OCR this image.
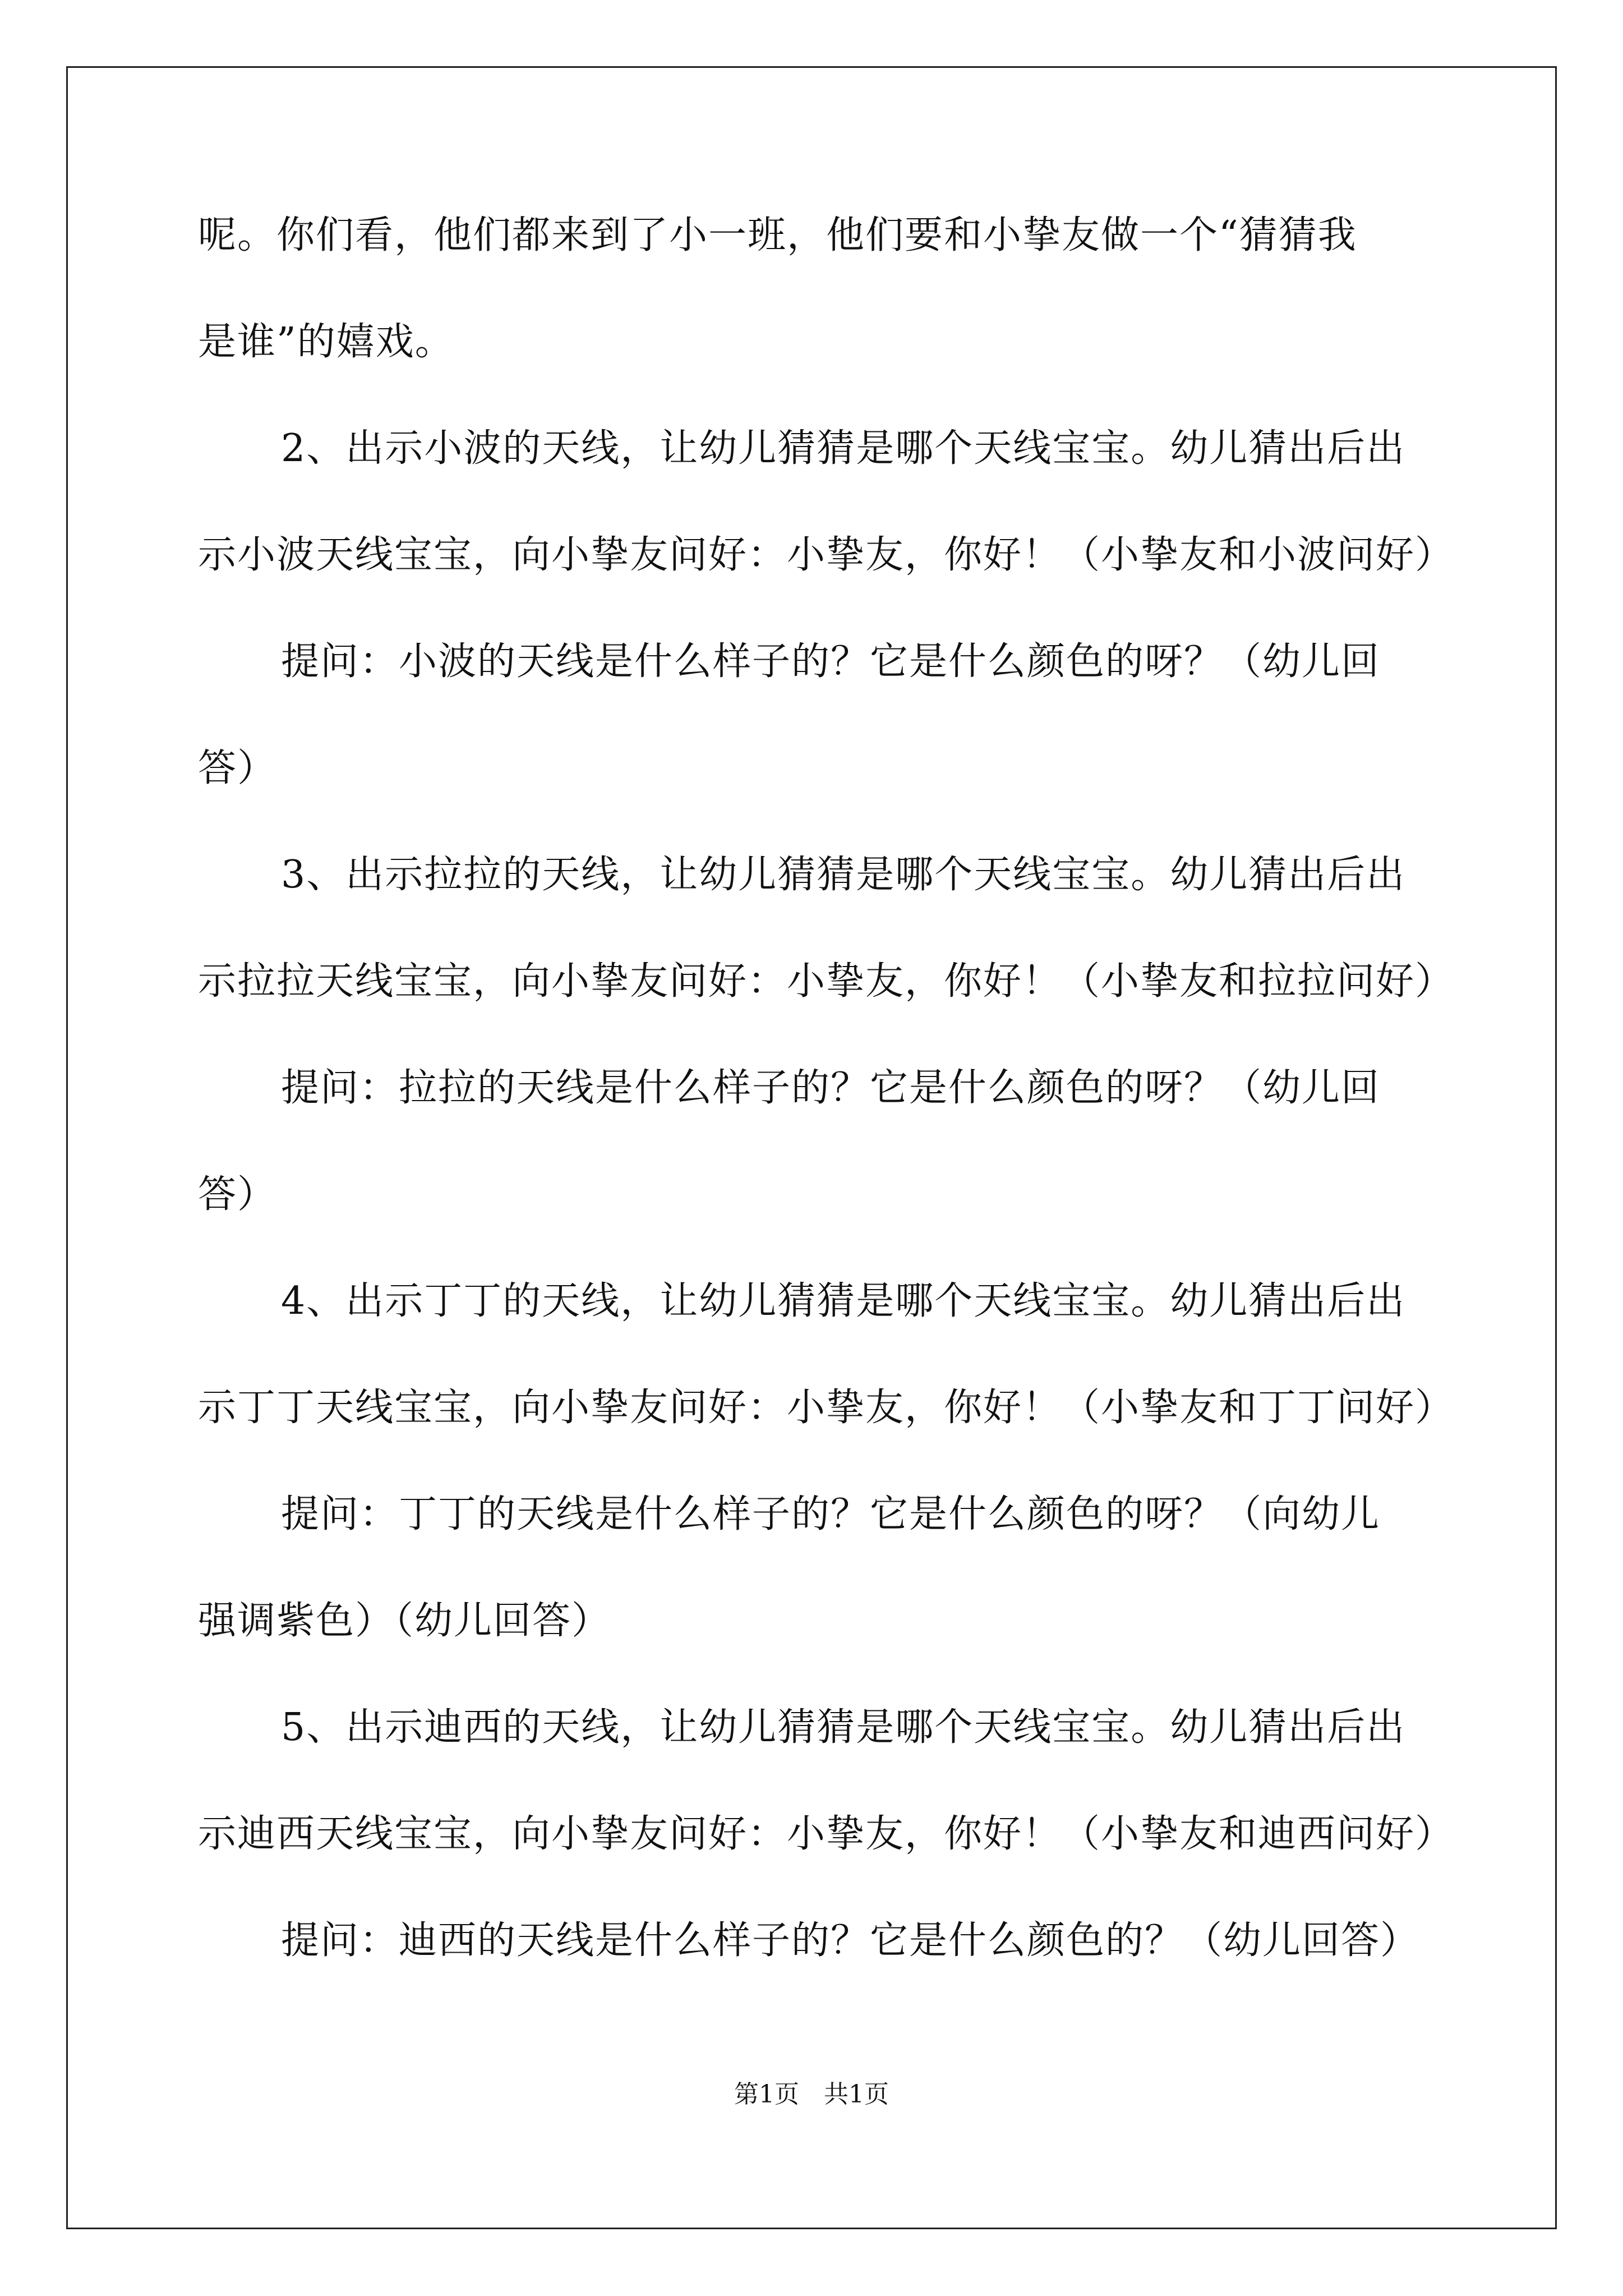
呢。你们看，他们都来到了小一班，他们要和小挚友做一个“猜猜我
是谁”的嬉戏。
2、出示小波的天线，让幼儿猜猜是哪个天线宝宝。幼儿猜出后出
示小波天线宝宝，向小挚友问好：小挚友，你好！（小挚友和小波问好）
提问：小波的天线是什么样子的？它是什么颜色的呀？（幼儿回
答）
3、出示拉拉的天线，让幼儿猜猜是哪个天线宝宝。幼儿猜出后出
示拉拉天线宝宝，向小挚友问好：小挚友，你好！（小挚友和拉拉问好）
提问：拉拉的天线是什么样子的？它是什么颜色的呀？（幼儿回
答）
4、出示丁丁的天线，让幼儿猜猜是哪个天线宝宝。幼儿猜出后出
示丁丁天线宝宝，向小挚友问好：小挚友，你好！（小挚友和丁丁问好）
提问：丁丁的天线是什么样子的？它是什么颜色的呀？（向幼儿
强调紫色）（幼儿回答）
5、出示迪西的天线，让幼儿猜猜是哪个天线宝宝。幼儿猜出后出
示迪西天线宝宝，向小挚友问好：小挚友，你好！（小挚友和迪西问好）
提问：迪西的天线是什么样子的？它是什么颜色的？（幼儿回答）
第1页　共1页
